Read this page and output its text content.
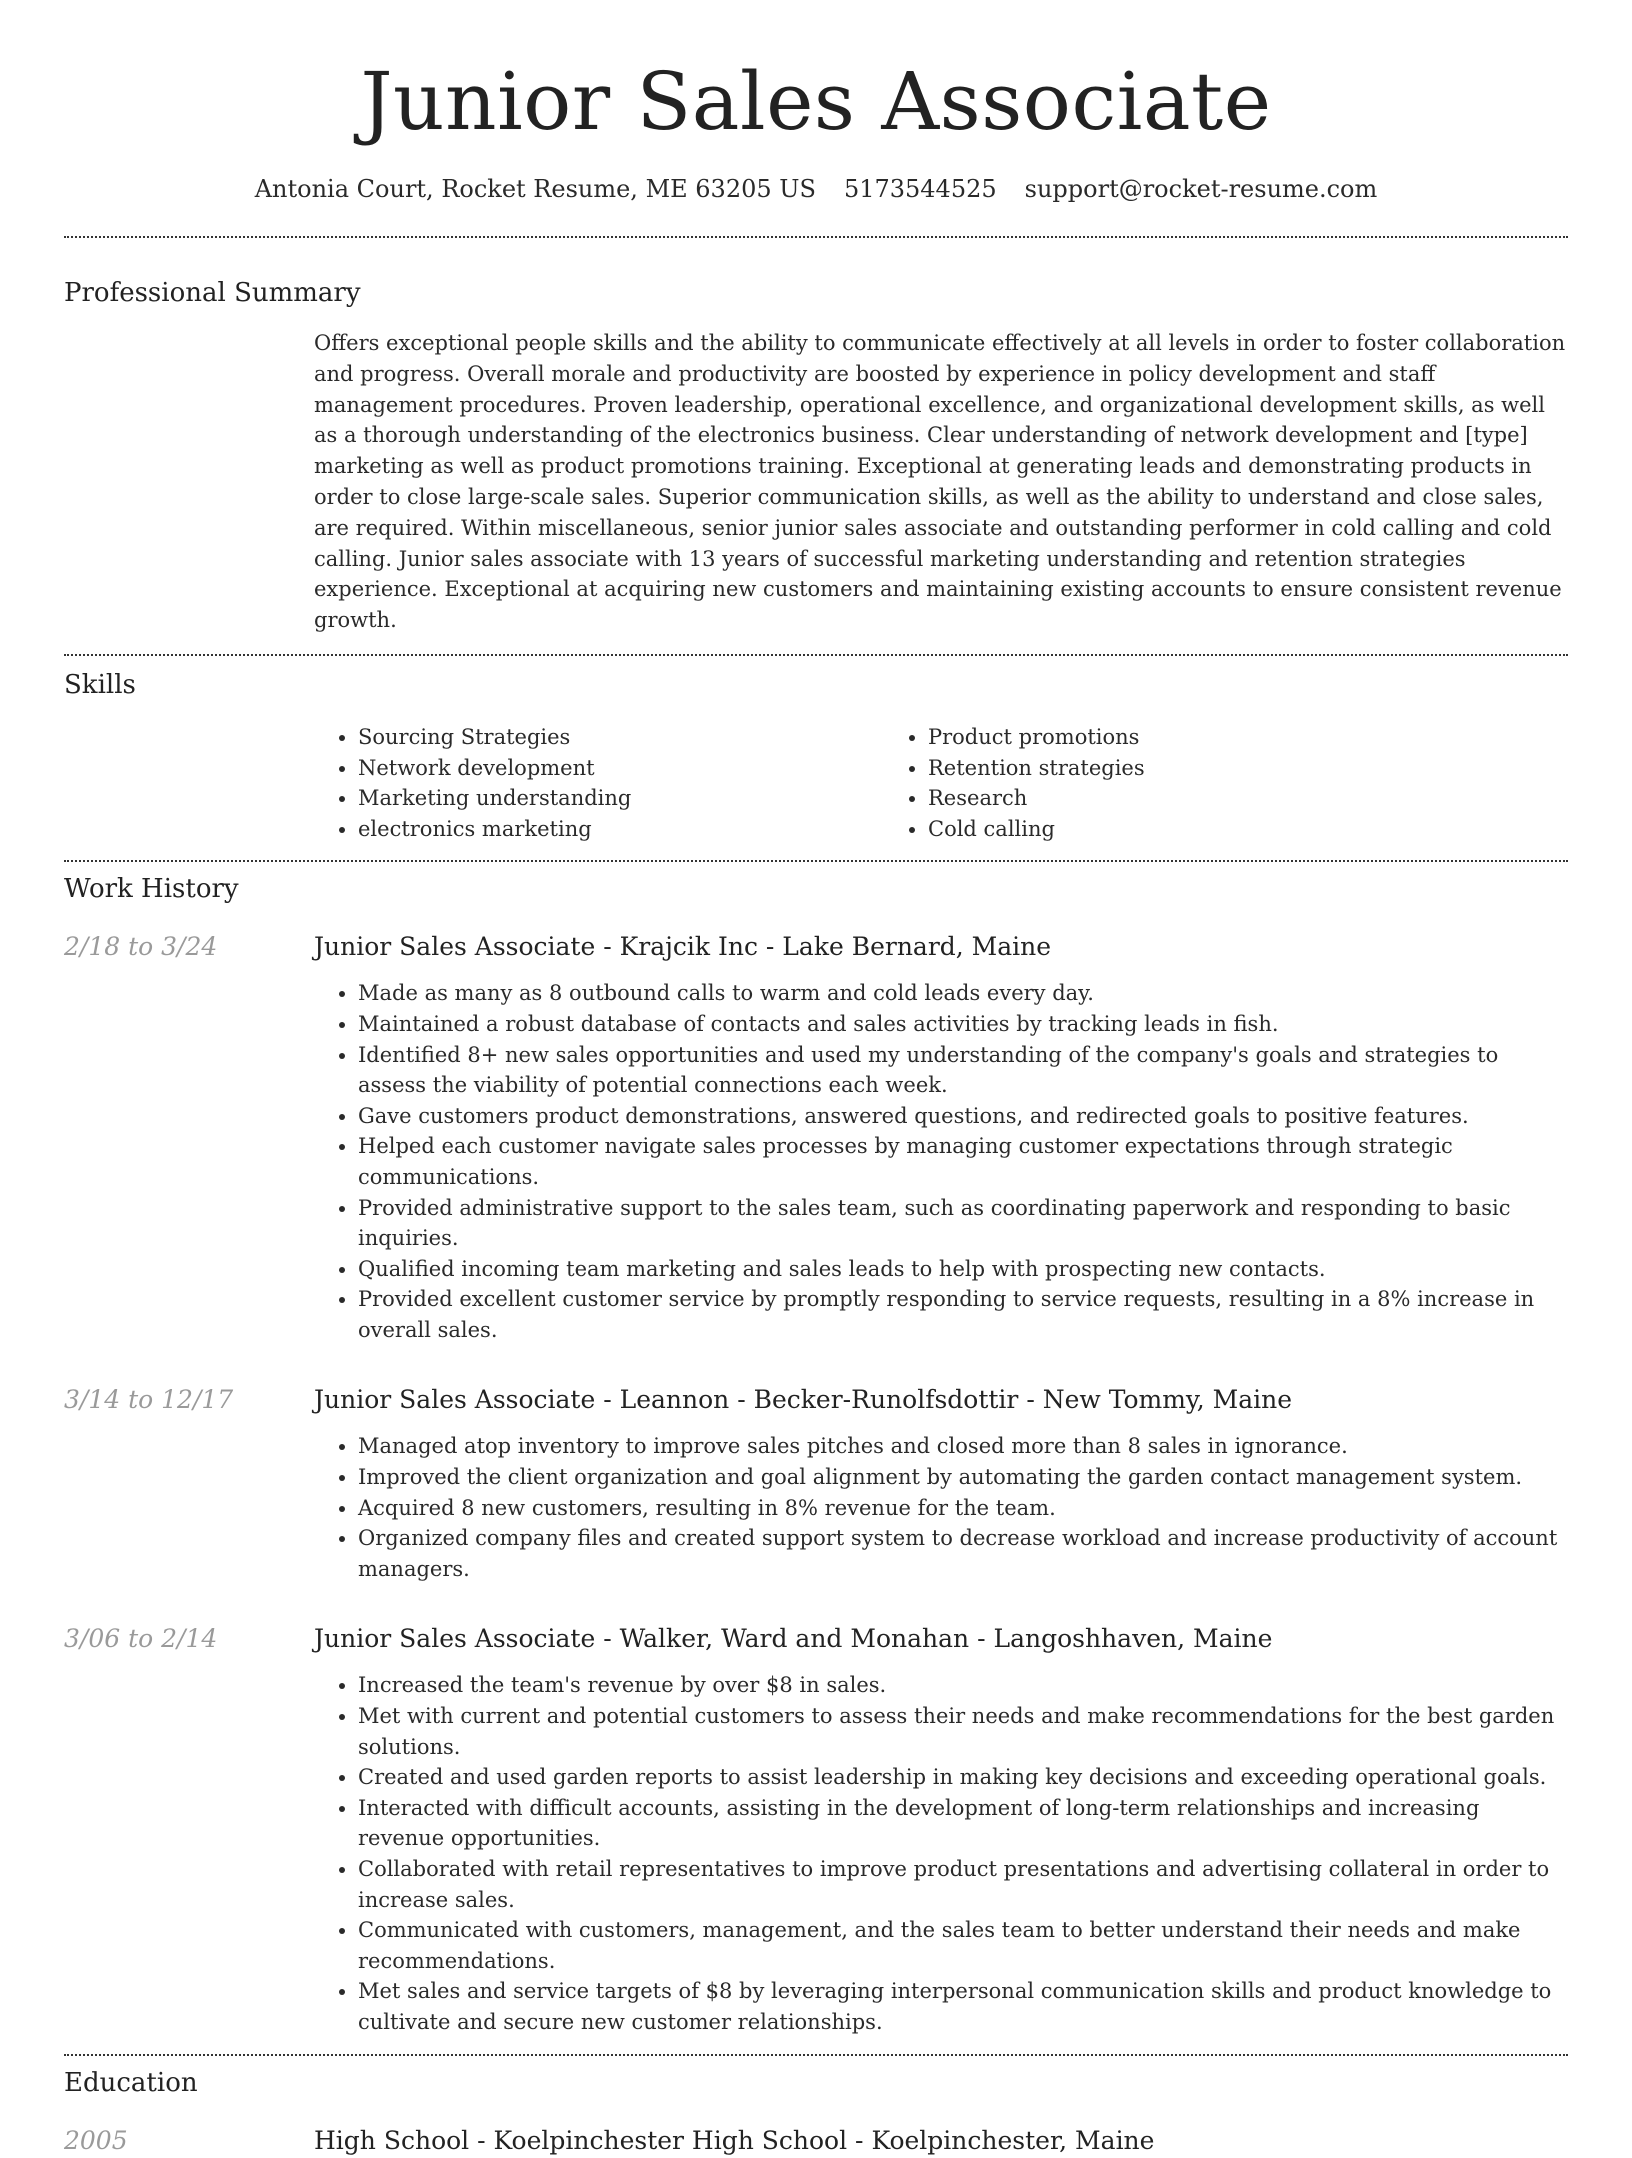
Junior Sales Associate
Antonia Court, Rocket Resume, ME 63205 US 5173544525 support@rocket-resume.com
Professional Summary

Offers exceptional people skills and the ability to communicate effectively at all levels in order to foster collaboration and progress. Overall morale and productivity are boosted by experience in policy development and staff management procedures. Proven leadership, operational excellence, and organizational development skills, as well as a thorough understanding of the electronics business. Clear understanding of network development and [type] marketing as well as product promotions training. Exceptional at generating leads and demonstrating products in order to close large-scale sales. Superior communication skills, as well as the ability to understand and close sales, are required. Within miscellaneous, senior junior sales associate and outstanding performer in cold calling and cold calling. Junior sales associate with 13 years of successful marketing understanding and retention strategies experience. Exceptional at acquiring new customers and maintaining existing accounts to ensure consistent revenue growth.

Skills
• Sourcing Strategies
• Network development
• Marketing understanding
• electronics marketing
• Product promotions
• Retention strategies
• Research
• Cold calling
Work History
2/18 to 3/24	Junior Sales Associate - Krajcik Inc - Lake Bernard, Maine
• Made as many as 8 outbound calls to warm and cold leads every day.
• Maintained a robust database of contacts and sales activities by tracking leads in fish.
• Identified 8+ new sales opportunities and used my understanding of the company's goals and strategies to assess the viability of potential connections each week.
• Gave customers product demonstrations, answered questions, and redirected goals to positive features.
• Helped each customer navigate sales processes by managing customer expectations through strategic communications.
• Provided administrative support to the sales team, such as coordinating paperwork and responding to basic inquiries.
• Qualified incoming team marketing and sales leads to help with prospecting new contacts.
• Provided excellent customer service by promptly responding to service requests, resulting in a 8% increase in overall sales.
3/14 to 12/17	Junior Sales Associate - Leannon - Becker-Runolfsdottir - New Tommy, Maine
• Managed atop inventory to improve sales pitches and closed more than 8 sales in ignorance.
• Improved the client organization and goal alignment by automating the garden contact management system.
• Acquired 8 new customers, resulting in 8% revenue for the team.
• Organized company files and created support system to decrease workload and increase productivity of account managers.
3/06 to 2/14	Junior Sales Associate - Walker, Ward and Monahan - Langoshhaven, Maine
• Increased the team's revenue by over $8 in sales.
• Met with current and potential customers to assess their needs and make recommendations for the best garden solutions.
• Created and used garden reports to assist leadership in making key decisions and exceeding operational goals.
• Interacted with difficult accounts, assisting in the development of long-term relationships and increasing revenue opportunities.
• Collaborated with retail representatives to improve product presentations and advertising collateral in order to increase sales.
• Communicated with customers, management, and the sales team to better understand their needs and make recommendations.
• Met sales and service targets of $8 by leveraging interpersonal communication skills and product knowledge to cultivate and secure new customer relationships.
Education
2005	High School - Koelpinchester High School - Koelpinchester, Maine
